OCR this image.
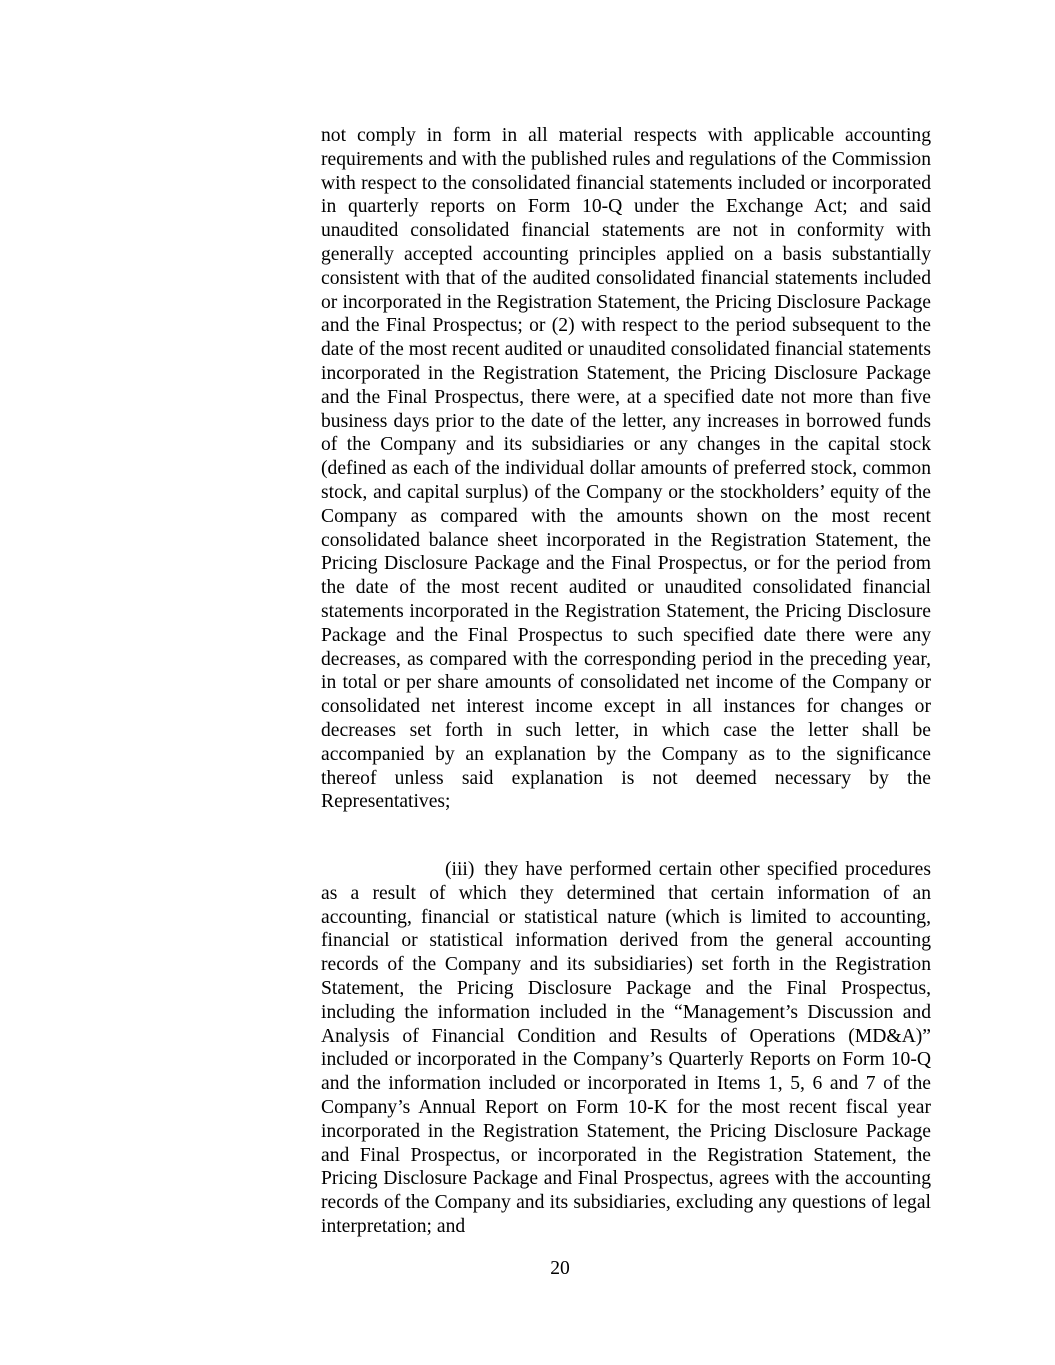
not comply in form in all material respects with applicable accounting requirements and with the published rules and regulations of the Commission with respect to the consolidated financial statements included or incorporated in quarterly reports on Form 10-Q under the Exchange Act; and said unaudited consolidated financial statements are not in conformity with generally accepted accounting principles applied on a basis substantially consistent with that of the audited consolidated financial statements included or incorporated in the Registration Statement, the Pricing Disclosure Package and the Final Prospectus; or (2) with respect to the period subsequent to the date of the most recent audited or unaudited consolidated financial statements incorporated in the Registration Statement, the Pricing Disclosure Package and the Final Prospectus, there were, at a specified date not more than five business days prior to the date of the letter, any increases in borrowed funds of the Company and its subsidiaries or any changes in the capital stock (defined as each of the individual dollar amounts of preferred stock, common stock, and capital surplus) of the Company or the stockholders’ equity of the Company as compared with the amounts shown on the most recent consolidated balance sheet incorporated in the Registration Statement, the Pricing Disclosure Package and the Final Prospectus, or for the period from the date of the most recent audited or unaudited consolidated financial statements incorporated in the Registration Statement, the Pricing Disclosure Package and the Final Prospectus to such specified date there were any decreases, as compared with the corresponding period in the preceding year, in total or per share amounts of consolidated net income of the Company or consolidated net interest income except in all instances for changes or decreases set forth in such letter, in which case the letter shall be accompanied by an explanation by the Company as to the significance thereof unless said explanation is not deemed necessary by the Representatives;

(iii) they have performed certain other specified procedures as a result of which they determined that certain information of an accounting, financial or statistical nature (which is limited to accounting, financial or statistical information derived from the general accounting records of the Company and its subsidiaries) set forth in the Registration Statement, the Pricing Disclosure Package and the Final Prospectus, including the information included in the “Management’s Discussion and Analysis of Financial Condition and Results of Operations (MD&A)” included or incorporated in the Company’s Quarterly Reports on Form 10-Q and the information included or incorporated in Items 1, 5, 6 and 7 of the Company’s Annual Report on Form 10-K for the most recent fiscal year incorporated in the Registration Statement, the Pricing Disclosure Package and Final Prospectus, or incorporated in the Registration Statement, the Pricing Disclosure Package and Final Prospectus, agrees with the accounting records of the Company and its subsidiaries, excluding any questions of legal interpretation; and

20
